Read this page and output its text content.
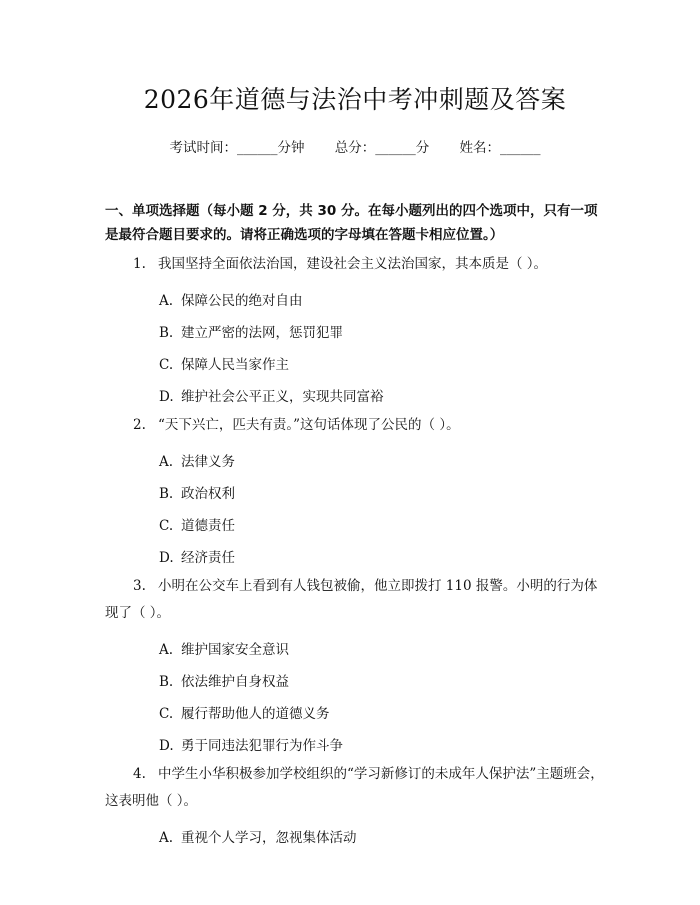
2026年道德与法治中考冲刺题及答案
考试时间：______分钟 总分：______分 姓名：______
一、单项选择题（每小题 2 分，共 30 分。在每小题列出的四个选项中，只有一项是最符合题目要求的。请将正确选项的字母填在答题卡相应位置。）
1. 我国坚持全面依法治国，建设社会主义法治国家，其本质是（ ）。
A. 保障公民的绝对自由
B. 建立严密的法网，惩罚犯罪
C. 保障人民当家作主
D. 维护社会公平正义，实现共同富裕
2. “天下兴亡，匹夫有责。”这句话体现了公民的（ ）。
A. 法律义务
B. 政治权利
C. 道德责任
D. 经济责任
3. 小明在公交车上看到有人钱包被偷，他立即拨打 110 报警。小明的行为体现了（ ）。
A. 维护国家安全意识
B. 依法维护自身权益
C. 履行帮助他人的道德义务
D. 勇于同违法犯罪行为作斗争
4. 中学生小华积极参加学校组织的“学习新修订的未成年人保护法”主题班会，这表明他（ ）。
A. 重视个人学习，忽视集体活动
